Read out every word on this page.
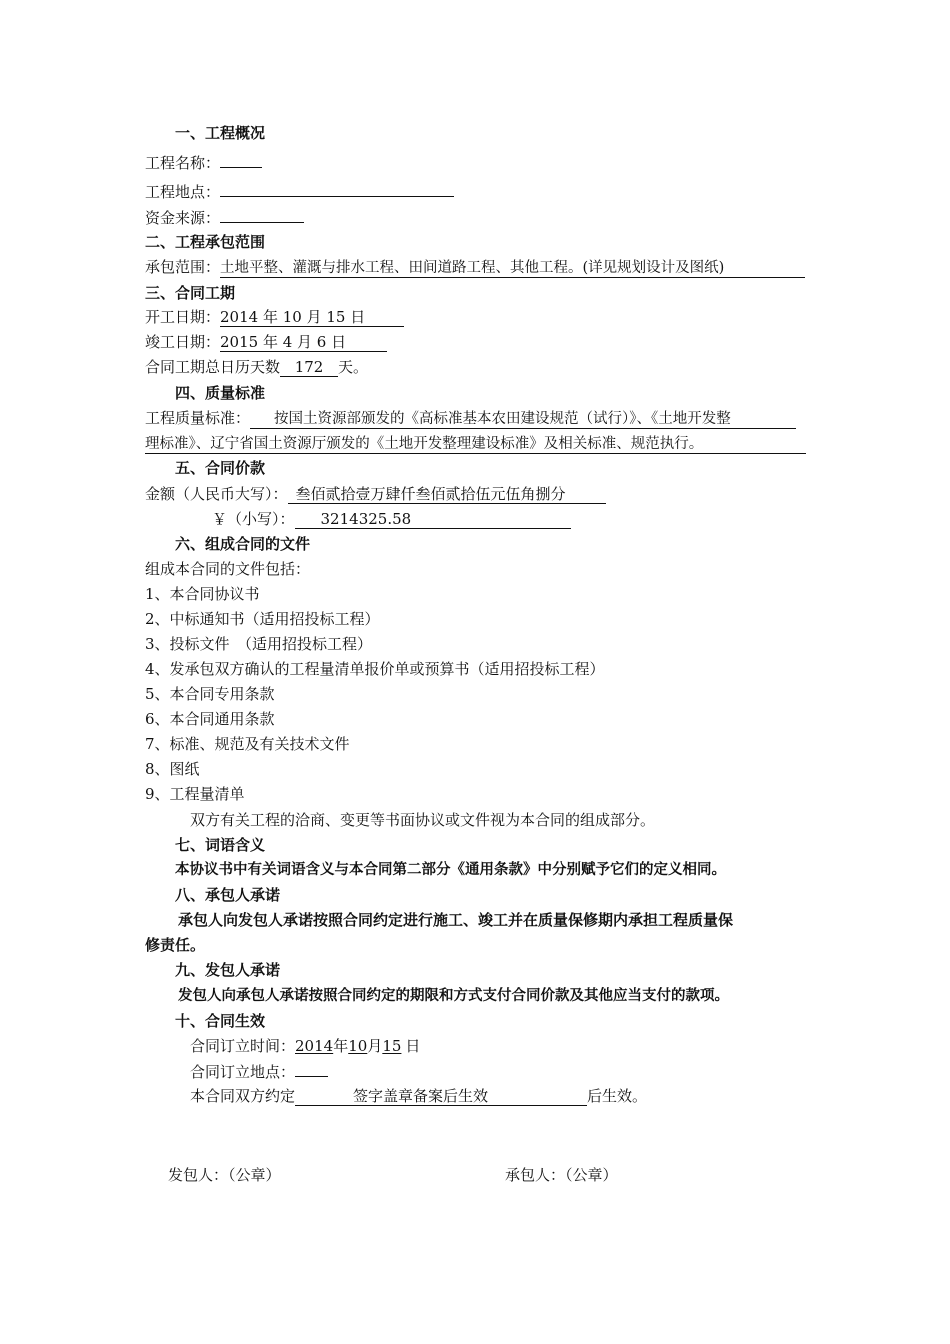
一、工程概况
工程名称：
工程地点：
资金来源：
二、工程承包范围
承包范围：土地平整、灌溉与排水工程、田间道路工程、其他工程。(详见规划设计及图纸)
三、合同工期
开工日期：2014 年 10 月 15 日
竣工日期：2015 年 4 月 6 日
合同工期总日历天数 172 天。
四、质量标准
工程质量标准： 按国土资源部颁发的《高标准基本农田建设规范（试行）》、《土地开发整
理标准》、辽宁省国土资源厅颁发的《土地开发整理建设标准》及相关标准、规范执行。
五、合同价款
金额（人民币大写）： 叁佰贰拾壹万肆仟叁佰贰拾伍元伍角捌分
￥（小写）： 3214325.58
六、组成合同的文件
组成本合同的文件包括：
1、本合同协议书
2、中标通知书（适用招投标工程）
3、投标文件　（适用招投标工程）
4、发承包双方确认的工程量清单报价单或预算书（适用招投标工程）
5、本合同专用条款
6、本合同通用条款
7、标准、规范及有关技术文件
8、图纸
9、工程量清单
双方有关工程的洽商、变更等书面协议或文件视为本合同的组成部分。
七、词语含义
本协议书中有关词语含义与本合同第二部分《通用条款》中分别赋予它们的定义相同。
八、承包人承诺
承包人向发包人承诺按照合同约定进行施工、竣工并在质量保修期内承担工程质量保
修责任。
九、发包人承诺
发包人向承包人承诺按照合同约定的期限和方式支付合同价款及其他应当支付的款项。
十、合同生效
合同订立时间：2014年10月15 日
合同订立地点：
本合同双方约定	签字盖章备案后生效	后生效。
发包人：（公章）	承包人：（公章）
